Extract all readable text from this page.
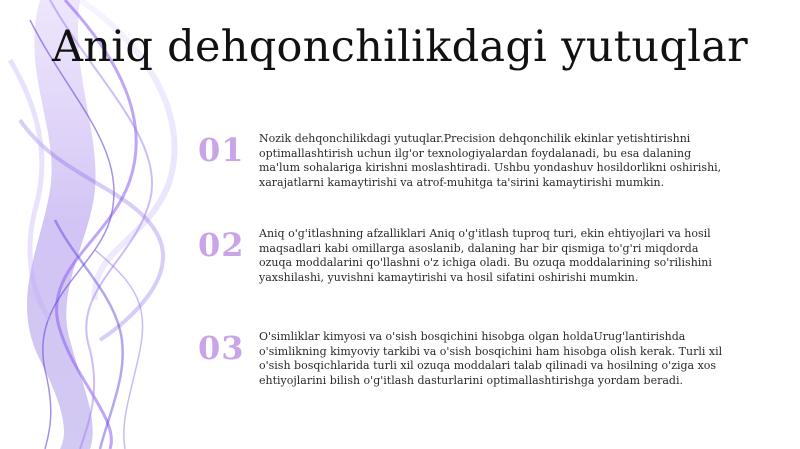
Aniq dehqonchilikdagi yutuqlar
01 Nozik dehqonchilikdagi yutuqlar.Precision dehqonchilik ekinlar yetishtirishni optimallashtirish uchun ilg'or texnologiyalardan foydalanadi, bu esa dalaning ma'lum sohalariga kirishni moslashtiradi. Ushbu yondashuv hosildorlikni oshirishi, xarajatlarni kamaytirishi va atrof-muhitga ta'sirini kamaytirishi mumkin.
02 Aniq o'g'itlashning afzalliklari Aniq o'g'itlash tuproq turi, ekin ehtiyojlari va hosil maqsadlari kabi omillarga asoslanib, dalaning har bir qismiga to'g'ri miqdorda ozuqa moddalarini qo'llashni o'z ichiga oladi. Bu ozuqa moddalarining so'rilishini yaxshilashi, yuvishni kamaytirishi va hosil sifatini oshirishi mumkin.
03 O'simliklar kimyosi va o'sish bosqichini hisobga olgan holdaUrug'lantirishda o'simlikning kimyoviy tarkibi va o'sish bosqichini ham hisobga olish kerak. Turli xil o'sish bosqichlarida turli xil ozuqa moddalari talab qilinadi va hosilning o'ziga xos ehtiyojlarini bilish o'g'itlash dasturlarini optimallashtirishga yordam beradi.
